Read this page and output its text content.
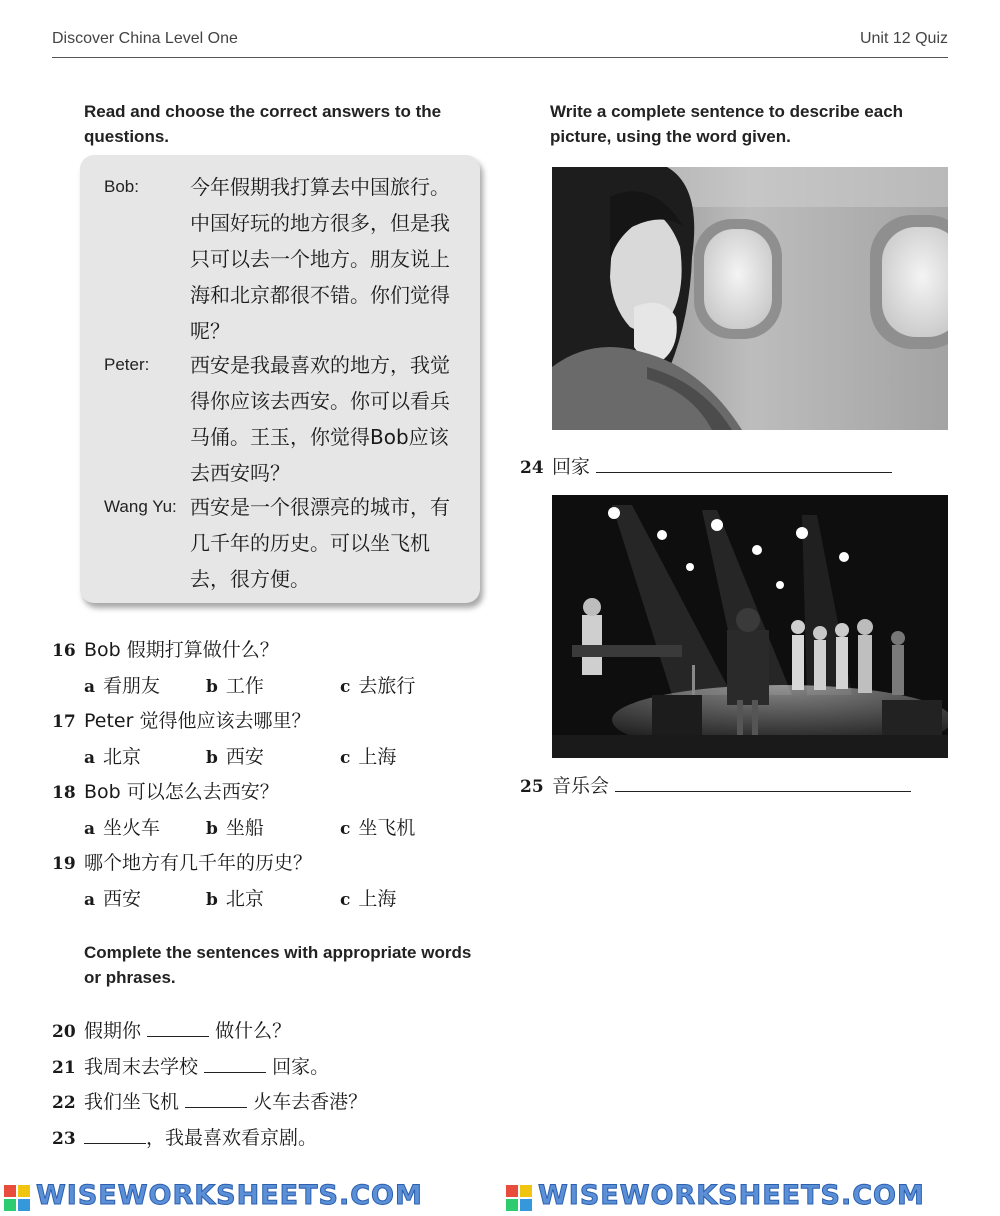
Discover China Level One	Unit 12 Quiz
Read and choose the correct answers to the
questions.
Bob:	今年假期我打算去中国旅行。
中国好玩的地方很多，但是我
只可以去一个地方。朋友说上
海和北京都很不错。你们觉得
呢？
Peter: 西安是我最喜欢的地方，我觉
得你应该去西安。你可以看兵
马俑。王玉，你觉得Bob应该
去西安吗？
Wang Yu: 西安是一个很漂亮的城市，有
几千年的历史。可以坐飞机
去，很方便。
16 Bob 假期打算做什么？
a 看朋友	b 工作	c 去旅行
17 Peter 觉得他应该去哪里？
a 北京	b 西安	c 上海
18 Bob 可以怎么去西安？
a 坐火车	b 坐船	c 坐飞机
19 哪个地方有几千年的历史？
a 西安	b 北京	c 上海
Complete the sentences with appropriate words
or phrases.
20 假期你	做什么？
21 我周末去学校	回家。
22 我们坐飞机	火车去香港？
23	，我最喜欢看京剧。
Write a complete sentence to describe each
picture, using the word given.
24 回家
25 音乐会
WISEWORKSHEETS.COM	WISEWORKSHEETS.COM
